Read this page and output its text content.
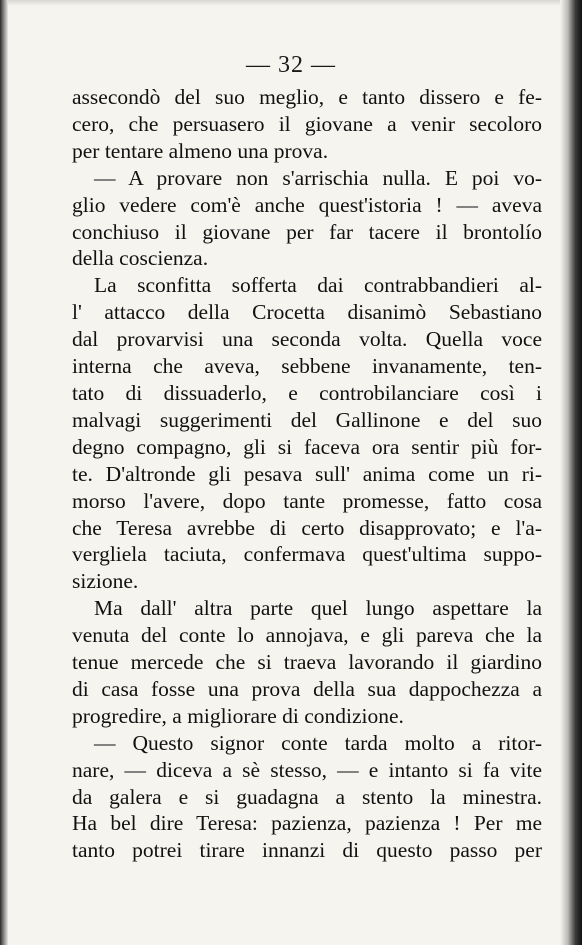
— 32 —
assecondò del suo meglio, e tanto dissero e fe-
cero, che persuasero il giovane a venir secoloro
per tentare almeno una prova.
— A provare non s'arrischia nulla. E poi vo-
glio vedere com'è anche quest'istoria ! — aveva
conchiuso il giovane per far tacere il brontolío
della coscienza.
La sconfitta sofferta dai contrabbandieri al-
l' attacco della Crocetta disanimò Sebastiano
dal provarvisi una seconda volta. Quella voce
interna che aveva, sebbene invanamente, ten-
tato di dissuaderlo, e controbilanciare così i
malvagi suggerimenti del Gallinone e del suo
degno compagno, gli si faceva ora sentir più for-
te. D'altronde gli pesava sull' anima come un ri-
morso l'avere, dopo tante promesse, fatto cosa
che Teresa avrebbe di certo disapprovato; e l'a-
vergliela taciuta, confermava quest'ultima suppo-
sizione.
Ma dall' altra parte quel lungo aspettare la
venuta del conte lo annojava, e gli pareva che la
tenue mercede che si traeva lavorando il giardino
di casa fosse una prova della sua dappochezza a
progredire, a migliorare di condizione.
— Questo signor conte tarda molto a ritor-
nare, — diceva a sè stesso, — e intanto si fa vite
da galera e si guadagna a stento la minestra.
Ha bel dire Teresa: pazienza, pazienza ! Per me
tanto potrei tirare innanzi di questo passo per
